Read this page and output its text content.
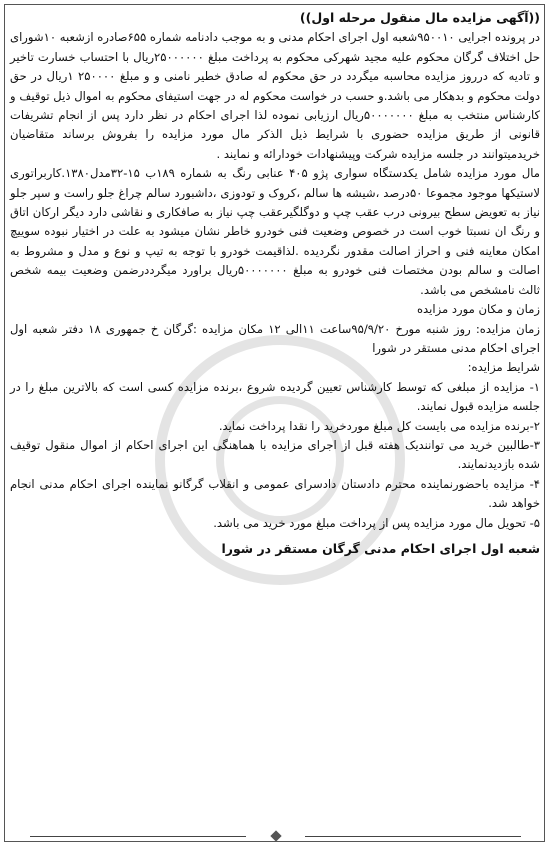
((آگهی مزایده مال منقول مرحله اول))

در پرونده اجرایی ۹۵۰۰۱۰شعبه اول اجرای احکام مدنی و به موجب دادنامه شماره ۶۵۵صادره ازشعبه ۱۰شورای حل اختلاف گرگان محکوم علیه مجید شهرکی محکوم به پرداخت مبلغ ۲۵۰۰۰۰۰۰ریال با احتساب خسارت تاخیر و تادیه که درروز مزایده محاسبه میگردد در حق محکوم له صادق خطیر نامنی و و مبلغ ۲۵۰۰۰۰ ۱ریال در حق دولت محکوم و بدهکار می باشد.و حسب در خواست محکوم له در جهت استیفای محکوم به اموال ذیل توقیف و کارشناس منتخب به مبلغ ۵۰۰۰۰۰۰۰ریال ارزیابی نموده لذا اجرای احکام در نظر دارد پس از انجام تشریفات قانونی از طریق مزایده حضوری با شرایط ذیل الذکر مال مورد مزایده را بفروش برساند متقاضیان خریدمیتوانند در جلسه مزایده شرکت وپیشنهادات خودارائه و نمایند .

مال مورد مزایده شامل یکدستگاه سواری پژو ۴۰۵ عنابی رنگ به شماره ۱۸۹ب ۱۵-۳۲مدل۱۳۸۰.کاربراتوری لاستیکها موجود مجموعا ۵۰درصد ،شیشه ها سالم ،کروک و تودوزی ،داشبورد سالم چراغ جلو راست و سپر جلو نیاز به تعویض سطح بیرونی درب عقب چپ و دوگلگیرعقب چپ نیاز به صافکاری و نقاشی دارد دیگر ارکان اتاق و رنگ ان نسبتا خوب است در خصوص وضعیت فنی خودرو خاطر نشان میشود به علت در اختیار نبوده سوییچ امکان معاینه فنی و احراز اصالت مقدور نگردیده .لذاقیمت خودرو با توجه به تیپ و نوع و مدل و مشروط به اصالت و سالم بودن مختصات فنی خودرو به مبلغ ۵۰۰۰۰۰۰۰ریال براورد میگرددرضمن وضعیت بیمه شخص ثالث نامشخص می باشد.

زمان و مکان مورد مزایده

زمان مزایده: روز شنبه مورخ ۹۵/۹/۲۰ساعت ۱۱الی ۱۲ مکان مزایده :گرگان خ جمهوری ۱۸ دفتر شعبه اول اجرای احکام مدنی مستقر در شورا

شرایط مزایده:

۱- مزایده از مبلغی که توسط کارشناس تعیین گردیده شروع ،برنده مزایده کسی است که بالاترین مبلغ را در جلسه مزایده قبول نمایند.

۲-برنده مزایده می بایست کل مبلغ موردخرید را نقدا پرداخت نماید.

۳-طالبین خرید می توانندیک هفته قبل از اجرای مزایده با هماهنگی این اجرای احکام از اموال منقول توقیف شده بازدیدنمایند.

۴- مزایده باحضورنماینده محترم دادستان دادسرای عمومی و انقلاب گرگانو نماینده اجرای احکام مدنی انجام خواهد شد.

۵- تحویل مال مورد مزایده پس از پرداخت مبلغ مورد خرید می باشد.

شعبه اول اجرای احکام مدنی گرگان مستقر در شورا
